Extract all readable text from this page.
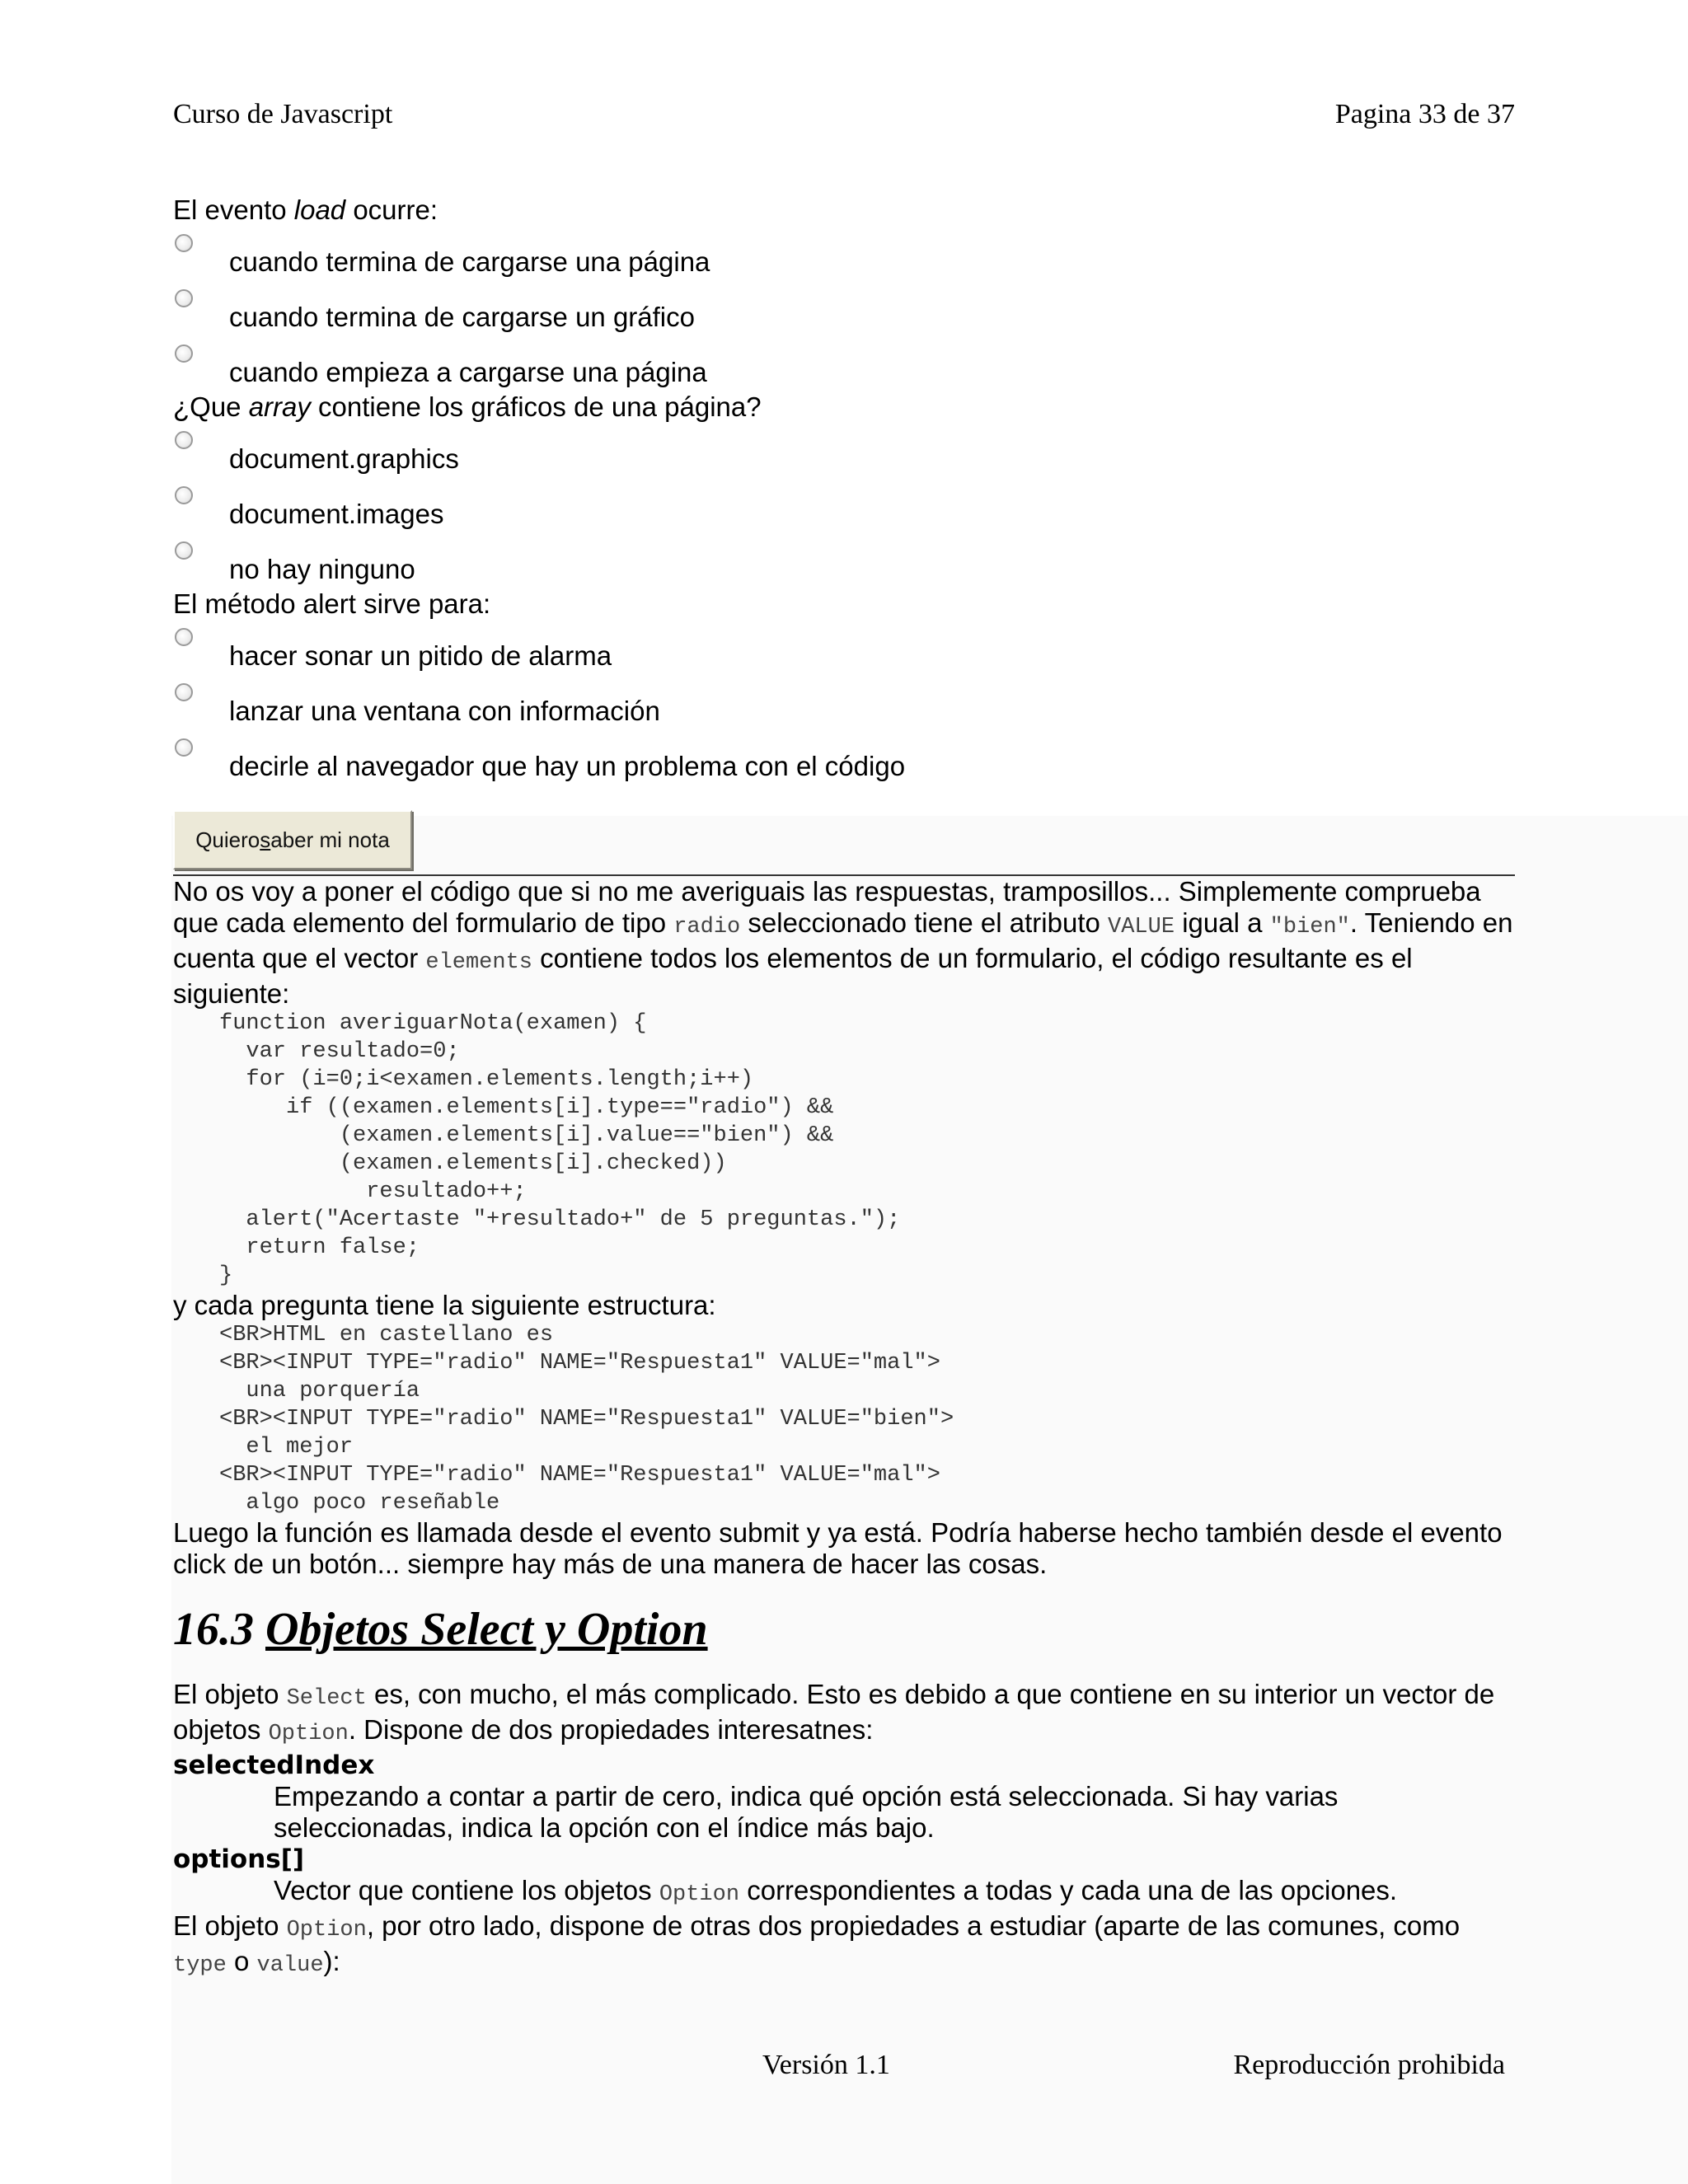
Curso de Javascript	Pagina 33 de 37
El evento load ocurre:
cuando termina de cargarse una página
cuando termina de cargarse un gráfico
cuando empieza a cargarse una página
¿Que array contiene los gráficos de una página?
document.graphics
document.images
no hay ninguno
El método alert sirve para:
hacer sonar un pitido de alarma
lanzar una ventana con información
decirle al navegador que hay un problema con el código
Quiero s aber mi nota

No os voy a poner el código que si no me averiguais las respuestas, tramposillos... Simplemente comprueba que cada elemento del formulario de tipo radio seleccionado tiene el atributo VALUE igual a "bien". Teniendo en cuenta que el vector elements contiene todos los elementos de un formulario, el código resultante es el siguiente:

function averiguarNota(examen) {
var resultado=0;
for (i=0;i<examen.elements.length;i++)
if ((examen.elements[i].type=="radio") &&
(examen.elements[i].value=="bien") &&
(examen.elements[i].checked))
resultado++;
alert("Acertaste "+resultado+" de 5 preguntas.");
return false;
}

y cada pregunta tiene la siguiente estructura:

<BR>HTML en castellano es
<BR><INPUT TYPE="radio" NAME="Respuesta1" VALUE="mal">
una porquería
<BR><INPUT TYPE="radio" NAME="Respuesta1" VALUE="bien">
el mejor
<BR><INPUT TYPE="radio" NAME="Respuesta1" VALUE="mal">
algo poco reseñable

Luego la función es llamada desde el evento submit y ya está. Podría haberse hecho también desde el evento click de un botón... siempre hay más de una manera de hacer las cosas.

16.3 Objetos Select y Option

El objeto Select es, con mucho, el más complicado. Esto es debido a que contiene en su interior un vector de objetos Option. Dispone de dos propiedades interesatnes:

selectedIndex
Empezando a contar a partir de cero, indica qué opción está seleccionada. Si hay varias seleccionadas, indica la opción con el índice más bajo.
options[]
Vector que contiene los objetos Option correspondientes a todas y cada una de las opciones.

El objeto Option, por otro lado, dispone de otras dos propiedades a estudiar (aparte de las comunes, como type o value):

Versión 1.1	Reproducción prohibida
